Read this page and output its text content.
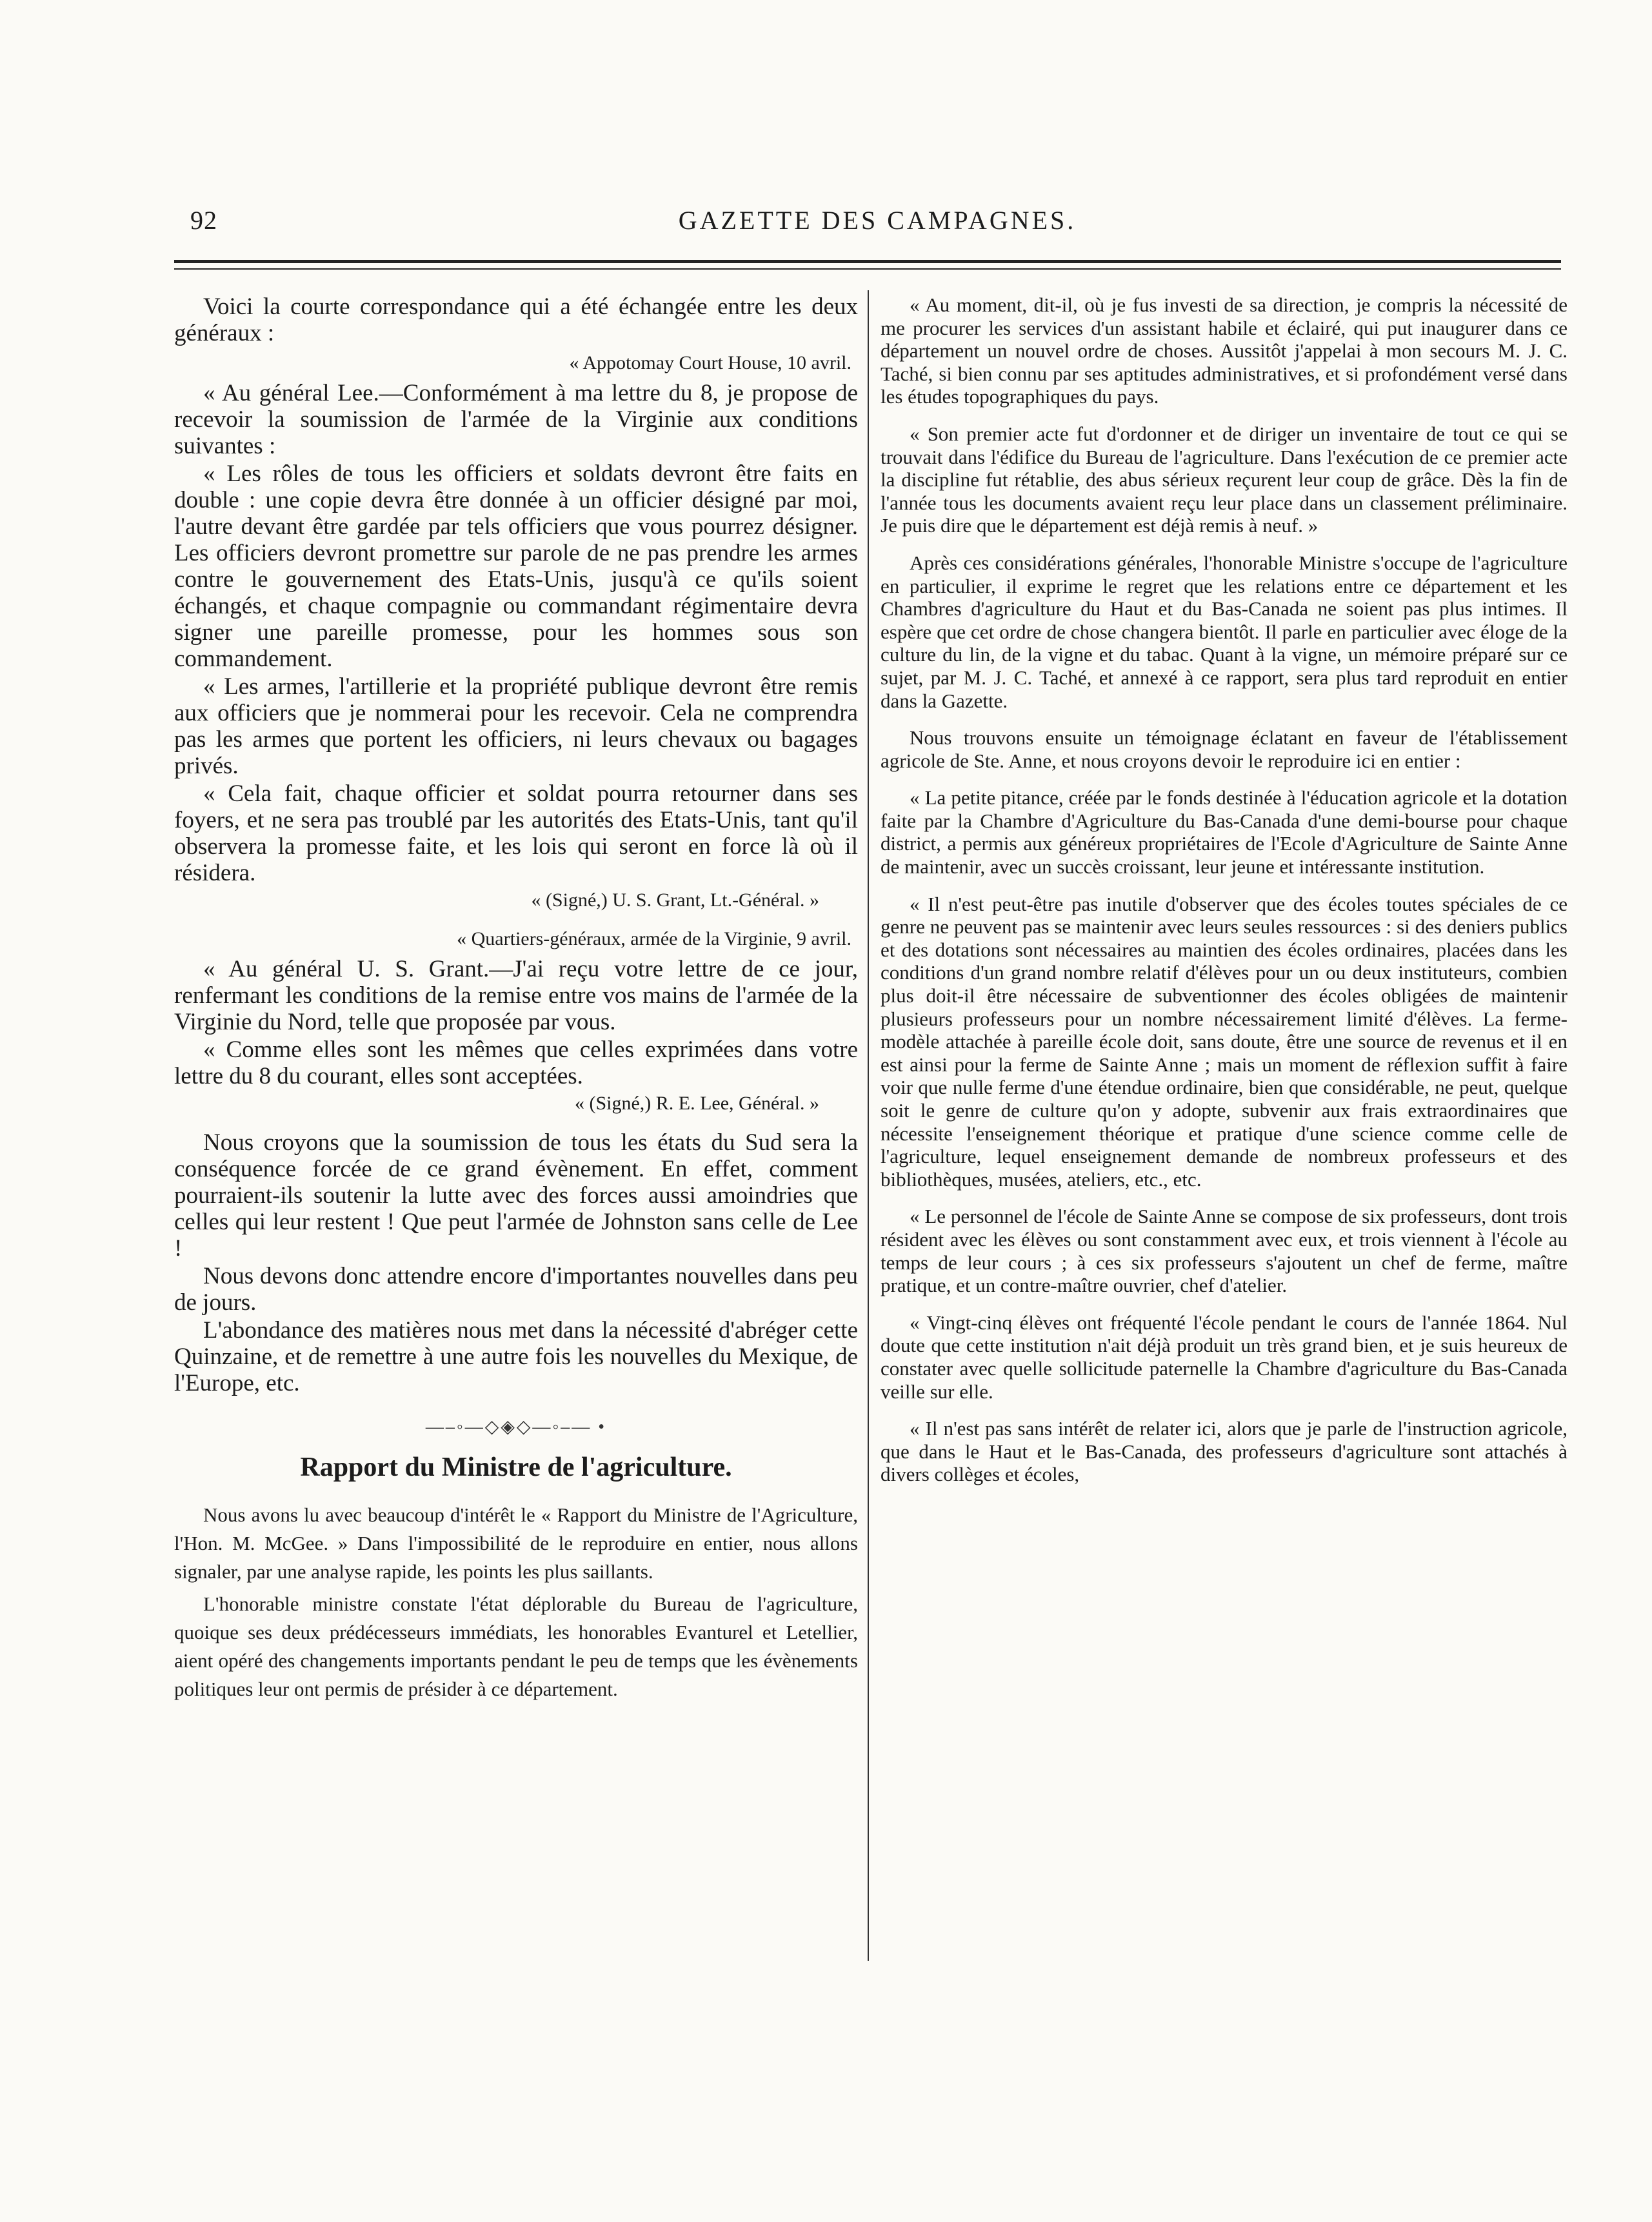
92	GAZETTE DES CAMPAGNES.

Voici la courte correspondance qui a été échangée entre les deux généraux :

« Appotomay Court House, 10 avril.

« Au général Lee.—Conformément à ma lettre du 8, je propose de recevoir la soumission de l'armée de la Virginie aux conditions suivantes :

« Les rôles de tous les officiers et soldats devront être faits en double : une copie devra être donnée à un officier désigné par moi, l'autre devant être gardée par tels officiers que vous pourrez désigner. Les officiers devront promettre sur parole de ne pas prendre les armes contre le gouvernement des Etats-Unis, jusqu'à ce qu'ils soient échangés, et chaque compagnie ou commandant régimentaire devra signer une pareille promesse, pour les hommes sous son commandement.

« Les armes, l'artillerie et la propriété publique devront être remis aux officiers que je nommerai pour les recevoir. Cela ne comprendra pas les armes que portent les officiers, ni leurs chevaux ou bagages privés.

« Cela fait, chaque officier et soldat pourra retourner dans ses foyers, et ne sera pas troublé par les autorités des Etats-Unis, tant qu'il observera la promesse faite, et les lois qui seront en force là où il résidera.

« (Signé,) U. S. Grant, Lt.-Général. »
« Quartiers-généraux, armée de la Virginie, 9 avril.

« Au général U. S. Grant.—J'ai reçu votre lettre de ce jour, renfermant les conditions de la remise entre vos mains de l'armée de la Virginie du Nord, telle que proposée par vous.

« Comme elles sont les mêmes que celles exprimées dans votre lettre du 8 du courant, elles sont acceptées.

« (Signé,) R. E. Lee, Général. »

Nous croyons que la soumission de tous les états du Sud sera la conséquence forcée de ce grand évènement. En effet, comment pourraient-ils soutenir la lutte avec des forces aussi amoindries que celles qui leur restent ! Que peut l'armée de Johnston sans celle de Lee !

Nous devons donc attendre encore d'importantes nouvelles dans peu de jours.

L'abondance des matières nous met dans la nécessité d'abréger cette Quinzaine, et de remettre à une autre fois les nouvelles du Mexique, de l'Europe, etc.

—–◦—◇◈◇—◦–— •
Rapport du Ministre de l'agriculture.

Nous avons lu avec beaucoup d'intérêt le « Rapport du Ministre de l'Agriculture, l'Hon. M. McGee. » Dans l'impossibilité de le reproduire en entier, nous allons signaler, par une analyse rapide, les points les plus saillants.

L'honorable ministre constate l'état déplorable du Bureau de l'agriculture, quoique ses deux prédécesseurs immédiats, les honorables Evanturel et Letellier, aient opéré des changements importants pendant le peu de temps que les évènements politiques leur ont permis de présider à ce département.

« Au moment, dit-il, où je fus investi de sa direction, je compris la nécessité de me procurer les services d'un assistant habile et éclairé, qui put inaugurer dans ce département un nouvel ordre de choses. Aussitôt j'appelai à mon secours M. J. C. Taché, si bien connu par ses aptitudes administratives, et si profondément versé dans les études topographiques du pays.

« Son premier acte fut d'ordonner et de diriger un inventaire de tout ce qui se trouvait dans l'édifice du Bureau de l'agriculture. Dans l'exécution de ce premier acte la discipline fut rétablie, des abus sérieux reçurent leur coup de grâce. Dès la fin de l'année tous les documents avaient reçu leur place dans un classement préliminaire. Je puis dire que le département est déjà remis à neuf. »

Après ces considérations générales, l'honorable Ministre s'occupe de l'agriculture en particulier, il exprime le regret que les relations entre ce département et les Chambres d'agriculture du Haut et du Bas-Canada ne soient pas plus intimes. Il espère que cet ordre de chose changera bientôt. Il parle en particulier avec éloge de la culture du lin, de la vigne et du tabac. Quant à la vigne, un mémoire préparé sur ce sujet, par M. J. C. Taché, et annexé à ce rapport, sera plus tard reproduit en entier dans la Gazette.

Nous trouvons ensuite un témoignage éclatant en faveur de l'établissement agricole de Ste. Anne, et nous croyons devoir le reproduire ici en entier :

« La petite pitance, créée par le fonds destinée à l'éducation agricole et la dotation faite par la Chambre d'Agriculture du Bas-Canada d'une demi-bourse pour chaque district, a permis aux généreux propriétaires de l'Ecole d'Agriculture de Sainte Anne de maintenir, avec un succès croissant, leur jeune et intéressante institution.

« Il n'est peut-être pas inutile d'observer que des écoles toutes spéciales de ce genre ne peuvent pas se maintenir avec leurs seules ressources : si des deniers publics et des dotations sont nécessaires au maintien des écoles ordinaires, placées dans les conditions d'un grand nombre relatif d'élèves pour un ou deux instituteurs, combien plus doit-il être nécessaire de subventionner des écoles obligées de maintenir plusieurs professeurs pour un nombre nécessairement limité d'élèves. La ferme-modèle attachée à pareille école doit, sans doute, être une source de revenus et il en est ainsi pour la ferme de Sainte Anne ; mais un moment de réflexion suffit à faire voir que nulle ferme d'une étendue ordinaire, bien que considérable, ne peut, quelque soit le genre de culture qu'on y adopte, subvenir aux frais extraordinaires que nécessite l'enseignement théorique et pratique d'une science comme celle de l'agriculture, lequel enseignement demande de nombreux professeurs et des bibliothèques, musées, ateliers, etc., etc.

« Le personnel de l'école de Sainte Anne se compose de six professeurs, dont trois résident avec les élèves ou sont constamment avec eux, et trois viennent à l'école au temps de leur cours ; à ces six professeurs s'ajoutent un chef de ferme, maître pratique, et un contre-maître ouvrier, chef d'atelier.

« Vingt-cinq élèves ont fréquenté l'école pendant le cours de l'année 1864. Nul doute que cette institution n'ait déjà produit un très grand bien, et je suis heureux de constater avec quelle sollicitude paternelle la Chambre d'agriculture du Bas-Canada veille sur elle.

« Il n'est pas sans intérêt de relater ici, alors que je parle de l'instruction agricole, que dans le Haut et le Bas-Canada, des professeurs d'agriculture sont attachés à divers collèges et écoles,
